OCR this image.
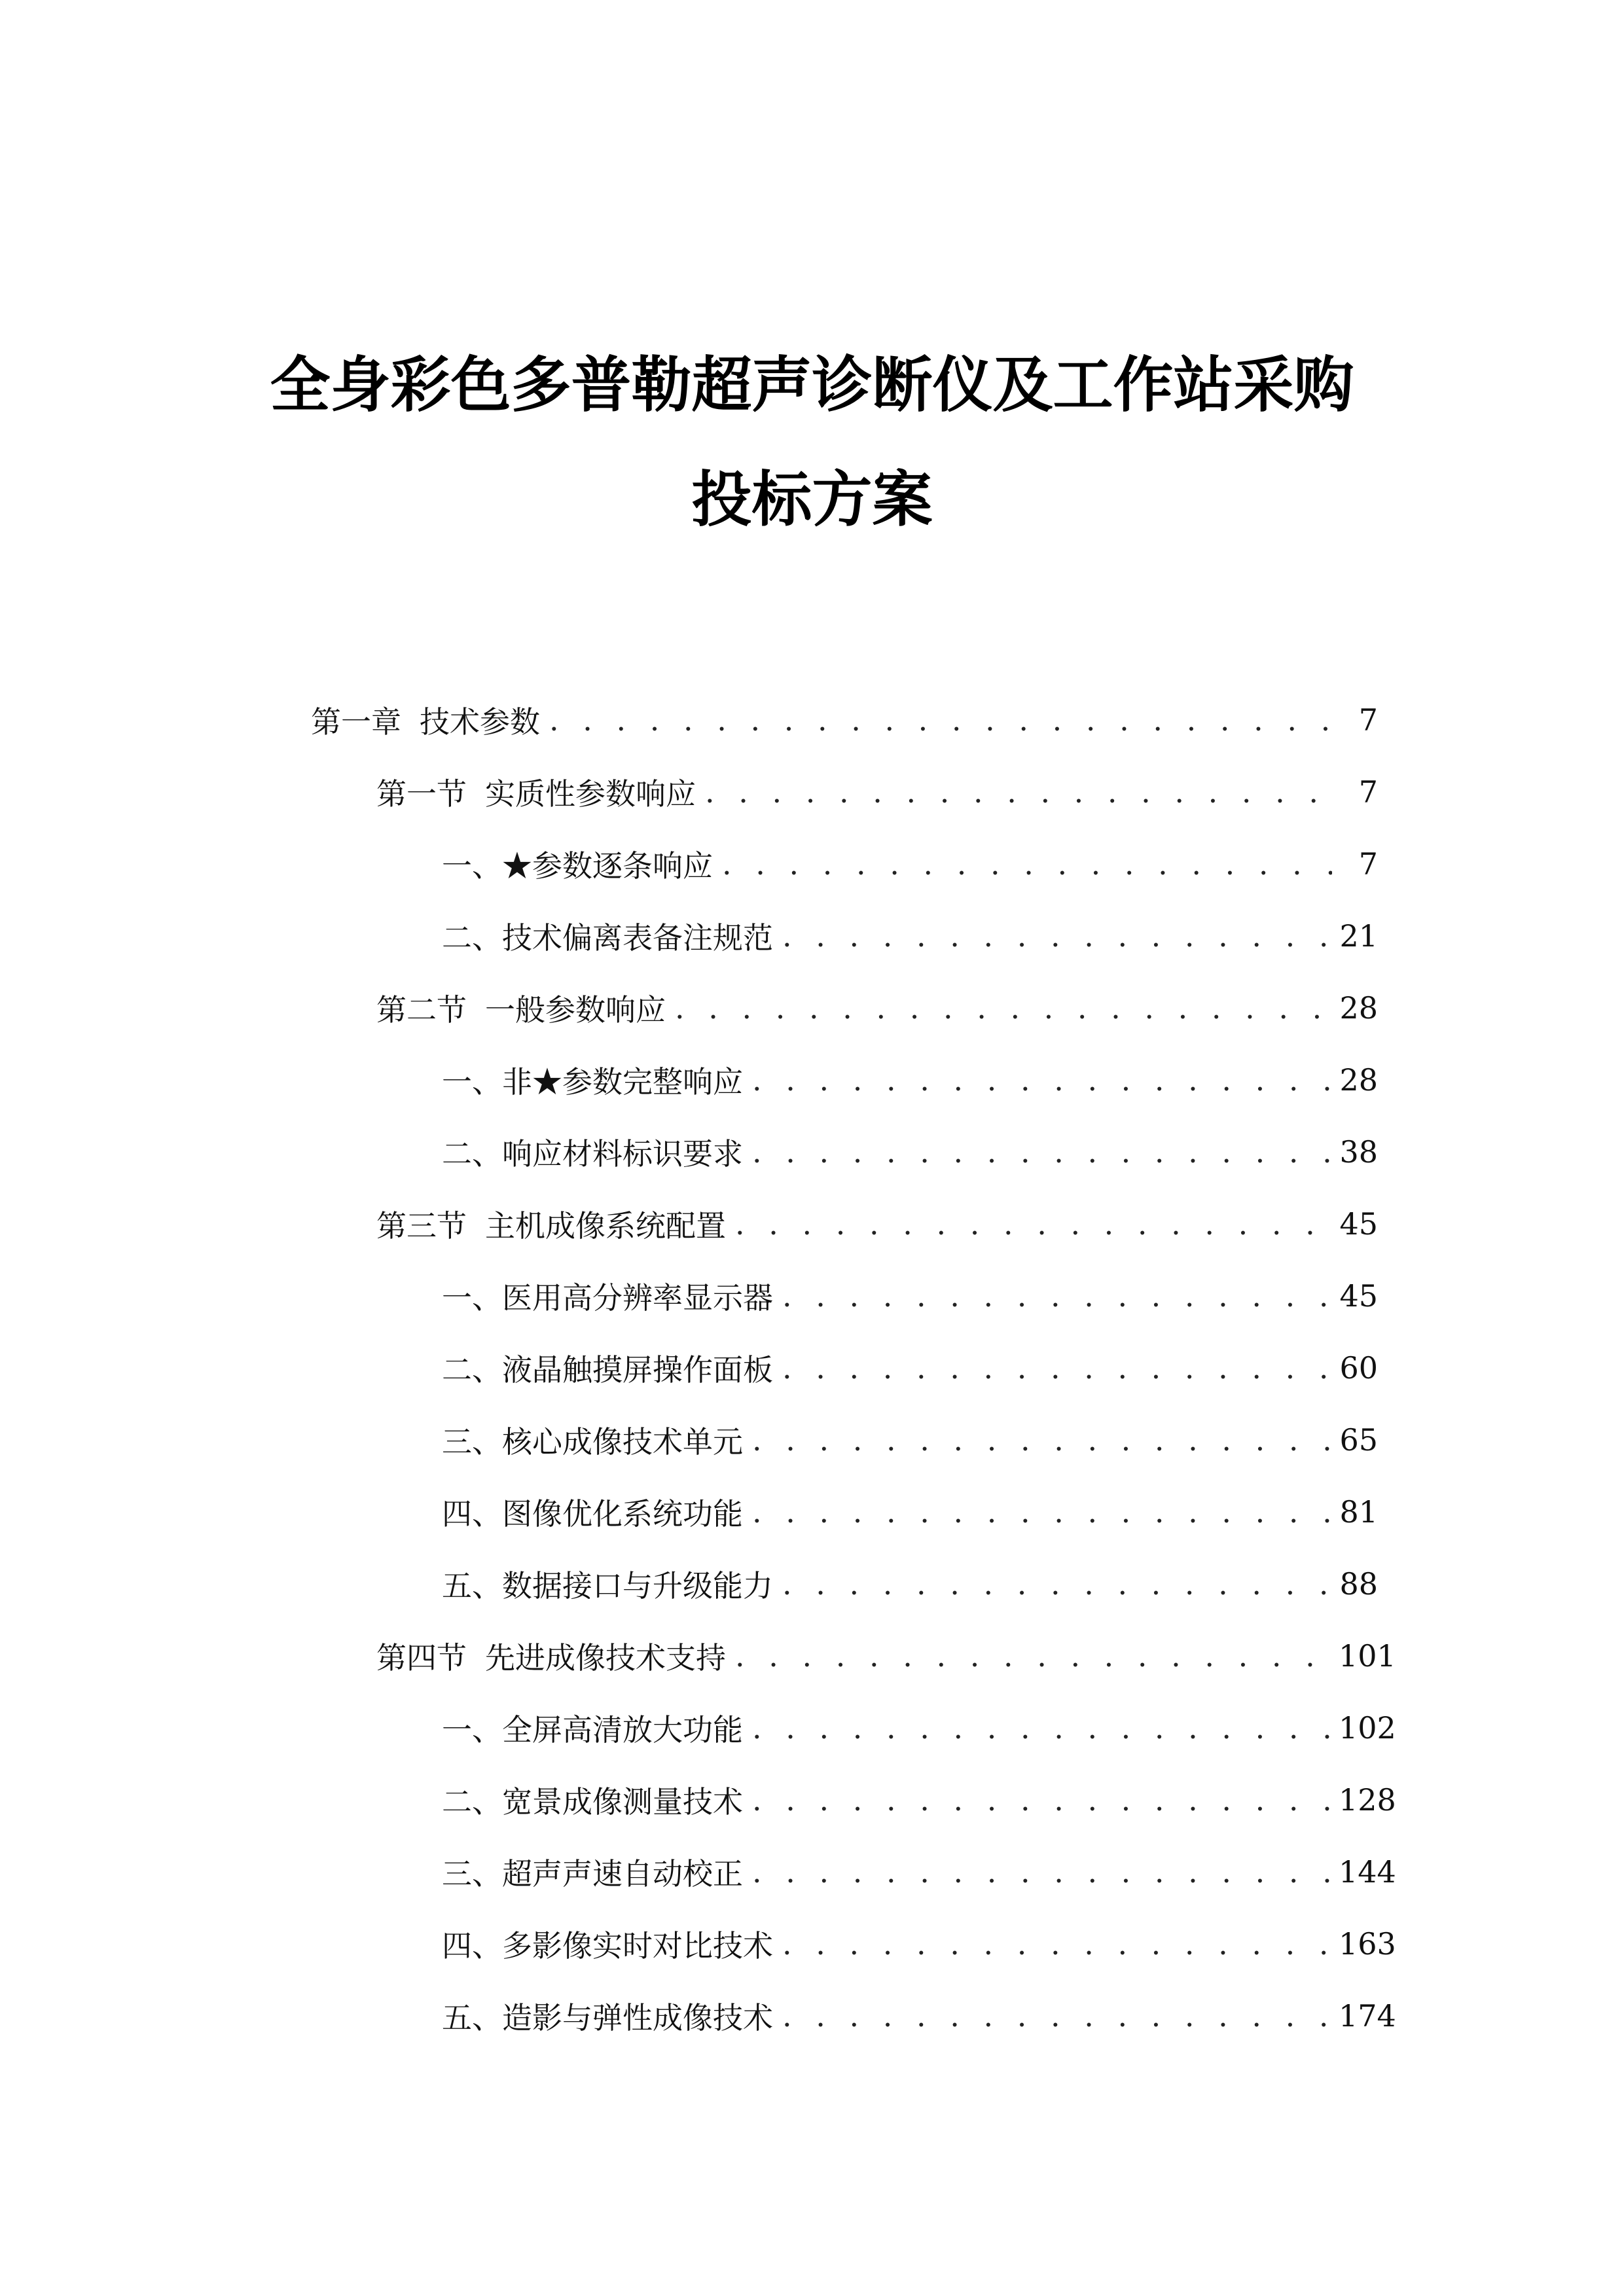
全身彩色多普勒超声诊断仪及工作站采购
投标方案
第一章 技术参数 . . .	7
第一节 实质性参数响应 . . .	7
一、 ★参数逐条响应 . . .	7
二、 技术偏离表备注规范 . . .	21
第二节 一般参数响应 . . .	28
一、 非★参数完整响应 . . .	28
二、 响应材料标识要求 . . .	38
第三节 主机成像系统配置 . . .	45
一、 医用高分辨率显示器 . . .	45
二、 液晶触摸屏操作面板 . . .	60
三、 核心成像技术单元 . . .	65
四、 图像优化系统功能 . . .	81
五、 数据接口与升级能力 . . .	88
第四节 先进成像技术支持 . . .	101
一、 全屏高清放大功能 . . .	102
二、 宽景成像测量技术 . . .	128
三、 超声声速自动校正 . . .	144
四、 多影像实时对比技术 . . .	163
五、 造影与弹性成像技术 . . .	174
